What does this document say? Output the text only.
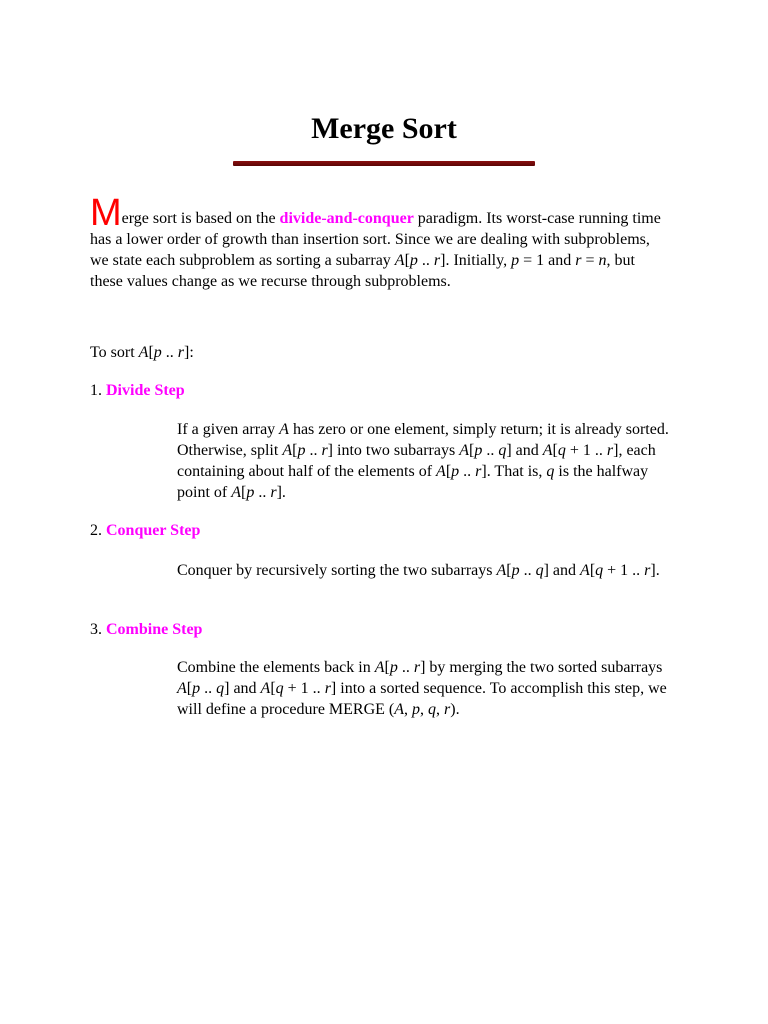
Merge Sort

Merge sort is based on the divide-and-conquer paradigm. Its worst-case running time has a lower order of growth than insertion sort. Since we are dealing with subproblems, we state each subproblem as sorting a subarray A[p .. r]. Initially, p = 1 and r = n, but these values change as we recurse through subproblems.

To sort A[p .. r]:

1. Divide Step

If a given array A has zero or one element, simply return; it is already sorted. Otherwise, split A[p .. r] into two subarrays A[p .. q] and A[q + 1 .. r], each containing about half of the elements of A[p .. r]. That is, q is the halfway point of A[p .. r].

2. Conquer Step

Conquer by recursively sorting the two subarrays A[p .. q] and A[q + 1 .. r].

3. Combine Step

Combine the elements back in A[p .. r] by merging the two sorted subarrays A[p .. q] and A[q + 1 .. r] into a sorted sequence. To accomplish this step, we will define a procedure MERGE (A, p, q, r).
